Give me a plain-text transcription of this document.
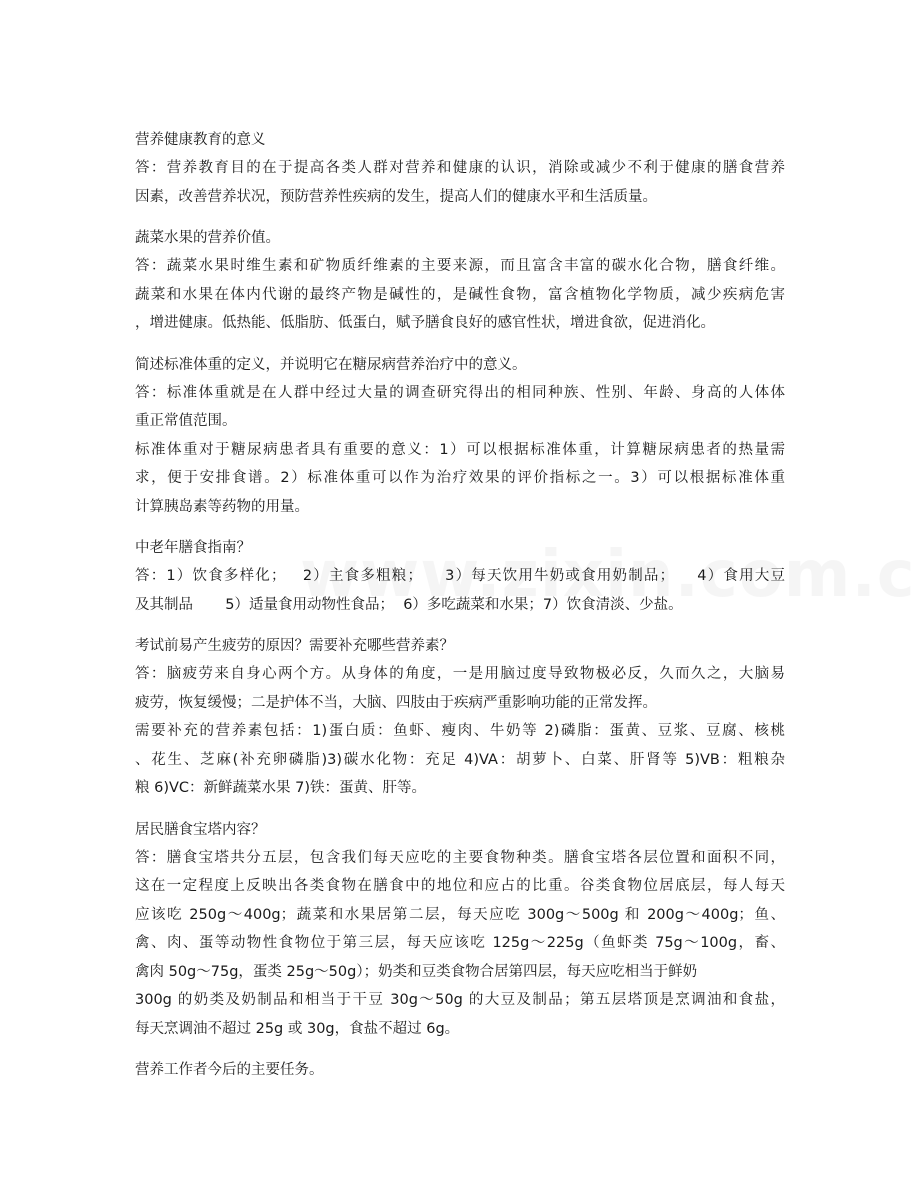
营养健康教育的意义
答：营养教育目的在于提高各类人群对营养和健康的认识，消除或减少不利于健康的膳食营养
因素，改善营养状况，预防营养性疾病的发生，提高人们的健康水平和生活质量。
蔬菜水果的营养价值。
答：蔬菜水果时维生素和矿物质纤维素的主要来源，而且富含丰富的碳水化合物，膳食纤维。
蔬菜和水果在体内代谢的最终产物是碱性的，是碱性食物，富含植物化学物质，减少疾病危害
，增进健康。低热能、低脂肪、低蛋白，赋予膳食良好的感官性状，增进食欲，促进消化。
简述标准体重的定义，并说明它在糖尿病营养治疗中的意义。
答：标准体重就是在人群中经过大量的调查研究得出的相同种族、性别、年龄、身高的人体体
重正常值范围。
标准体重对于糖尿病患者具有重要的意义：1）可以根据标准体重，计算糖尿病患者的热量需
求，便于安排食谱。2）标准体重可以作为治疗效果的评价指标之一。3）可以根据标准体重
计算胰岛素等药物的用量。
中老年膳食指南？
答：1）饮食多样化；   2）主食多粗粮；    3）每天饮用牛奶或食用奶制品；    4）食用大豆
及其制品       5）适量食用动物性食品；  6）多吃蔬菜和水果；7）饮食清淡、少盐。
考试前易产生疲劳的原因？需要补充哪些营养素？
答：脑疲劳来自身心两个方。从身体的角度，一是用脑过度导致物极必反，久而久之，大脑易
疲劳，恢复缓慢；二是护体不当，大脑、四肢由于疾病严重影响功能的正常发挥。
需要补充的营养素包括：1)蛋白质：鱼虾、瘦肉、牛奶等 2)磷脂：蛋黄、豆浆、豆腐、核桃
、花生、芝麻(补充卵磷脂)3)碳水化物：充足 4)VA：胡萝卜、白菜、肝肾等 5)VB：粗粮杂
粮 6)VC：新鲜蔬菜水果 7)铁：蛋黄、肝等。
居民膳食宝塔内容？
答：膳食宝塔共分五层，包含我们每天应吃的主要食物种类。膳食宝塔各层位置和面积不同，
这在一定程度上反映出各类食物在膳食中的地位和应占的比重。谷类食物位居底层，每人每天
应该吃 250g～400g；蔬菜和水果居第二层，每天应吃 300g～500g 和 200g～400g；鱼、
禽、肉、蛋等动物性食物位于第三层，每天应该吃 125g～225g（鱼虾类 75g～100g，畜、
禽肉 50g～75g，蛋类 25g～50g）；奶类和豆类食物合居第四层，每天应吃相当于鲜奶
300g 的奶类及奶制品和相当于干豆 30g～50g 的大豆及制品；第五层塔顶是烹调油和食盐，
每天烹调油不超过 25g 或 30g，食盐不超过 6g。
营养工作者今后的主要任务。
